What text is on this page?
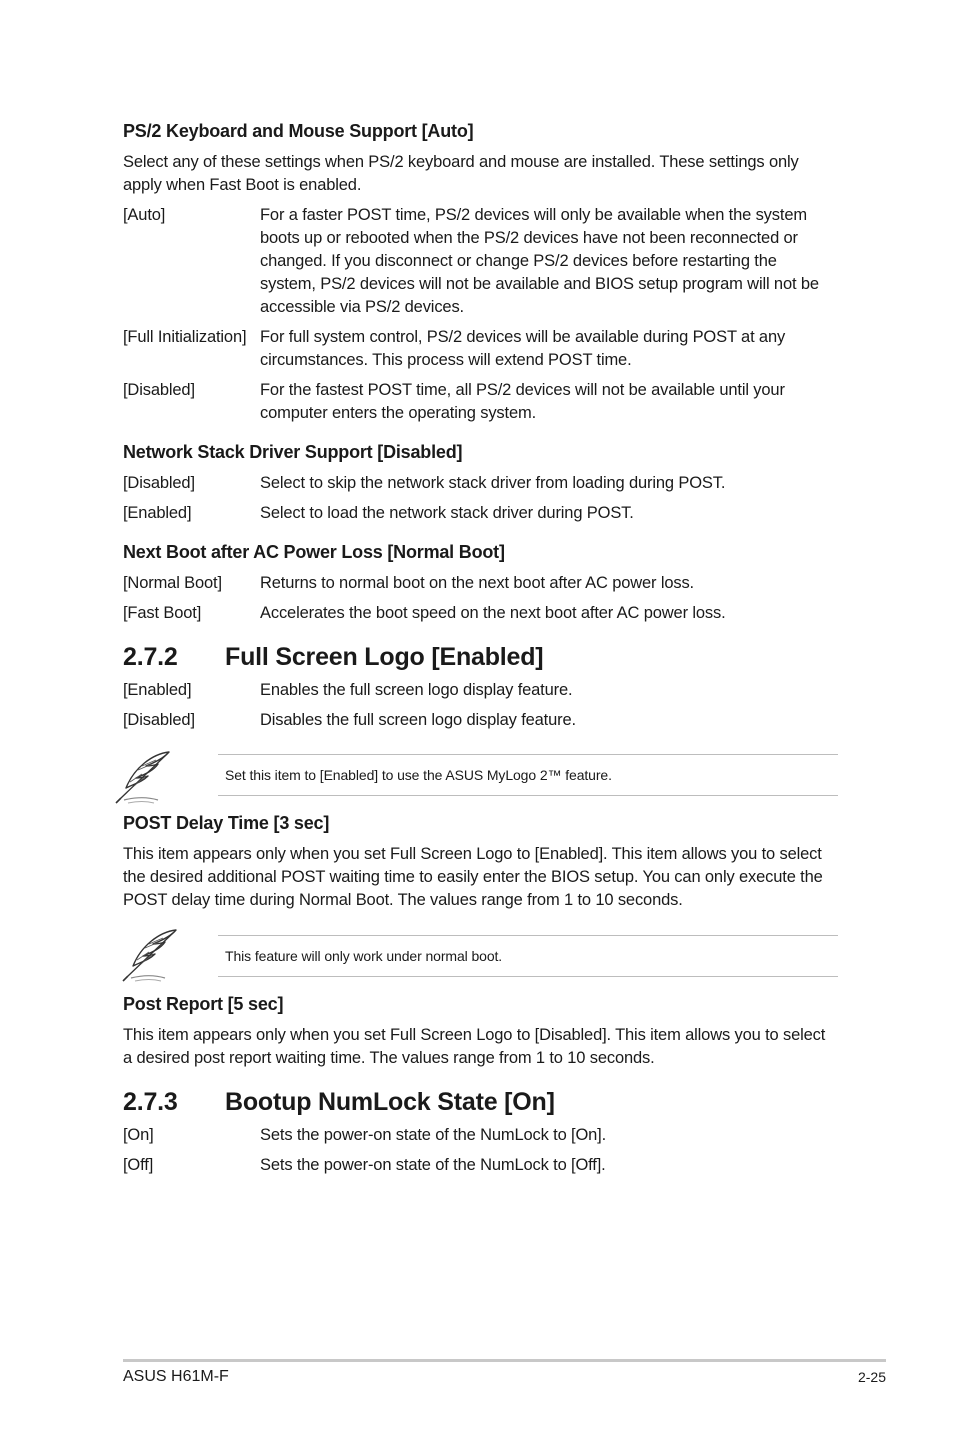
PS/2 Keyboard and Mouse Support [Auto]
Select any of these settings when PS/2 keyboard and mouse are installed. These settings only apply when Fast Boot is enabled.
[Auto]	For a faster POST time, PS/2 devices will only be available when the system boots up or rebooted when the PS/2 devices have not been reconnected or changed. If you disconnect or change PS/2 devices before restarting the system, PS/2 devices will not be available and BIOS setup program will not be accessible via PS/2 devices.
[Full Initialization] For full system control, PS/2 devices will be available during POST at any circumstances. This process will extend POST time.
[Disabled]	For the fastest POST time, all PS/2 devices will not be available until your computer enters the operating system.
Network Stack Driver Support [Disabled]
[Disabled]	Select to skip the network stack driver from loading during POST.
[Enabled]	Select to load the network stack driver during POST.
Next Boot after AC Power Loss [Normal Boot]
[Normal Boot] Returns to normal boot on the next boot after AC power loss.
[Fast Boot]	Accelerates the boot speed on the next boot after AC power loss.
2.7.2 Full Screen Logo [Enabled]
[Enabled]	Enables the full screen logo display feature.
[Disabled]	Disables the full screen logo display feature.
Set this item to [Enabled] to use the ASUS MyLogo 2™ feature.
POST Delay Time [3 sec]
This item appears only when you set Full Screen Logo to [Enabled]. This item allows you to select the desired additional POST waiting time to easily enter the BIOS setup. You can only execute the POST delay time during Normal Boot. The values range from 1 to 10 seconds.
This feature will only work under normal boot.
Post Report [5 sec]
This item appears only when you set Full Screen Logo to [Disabled]. This item allows you to select a desired post report waiting time. The values range from 1 to 10 seconds.
2.7.3 Bootup NumLock State [On]
[On]	Sets the power-on state of the NumLock to [On].
[Off]	Sets the power-on state of the NumLock to [Off].
ASUS H61M-F	2-25
